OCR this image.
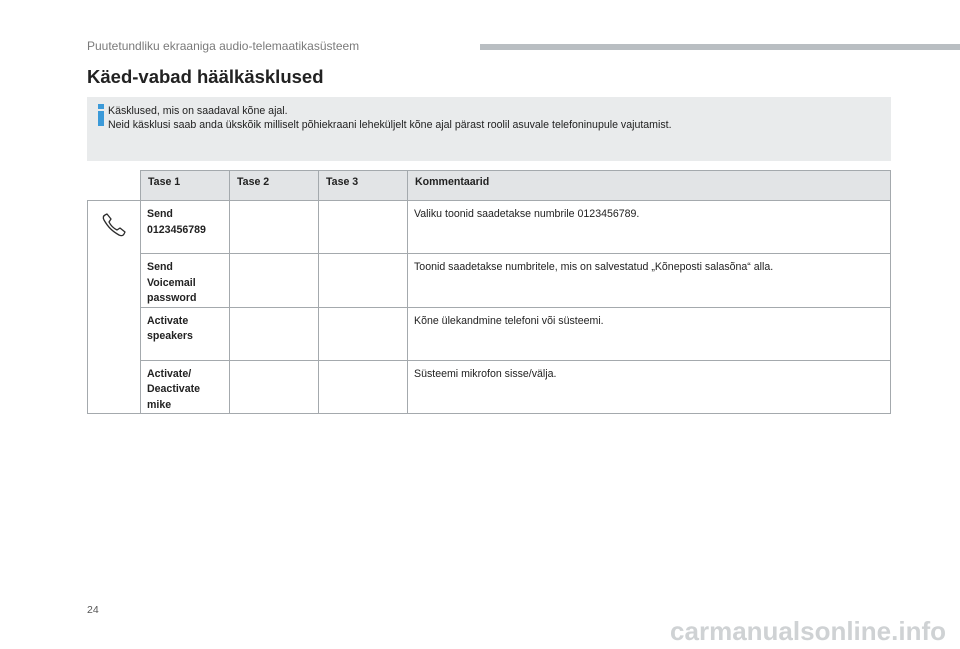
Puutetundliku ekraaniga audio-telemaatikasüsteem
Käed-vabad häälkäsklused

Käsklused, mis on saadaval kõne ajal.

Neid käsklusi saab anda ükskõik milliselt põhiekraani leheküljelt kõne ajal pärast roolil asuvale telefoninupule vajutamist.

	Tase 1	Tase 2	Tase 3	Kommentaarid

	Send
0123456789			Valiku toonid saadetakse numbrile 0123456789.
	Send
Voicemail
password			Toonid saadetakse numbritele, mis on salvestatud „Kõneposti salasõna“ alla.
	Activate
speakers			Kõne ülekandmine telefoni või süsteemi.
	Activate/
Deactivate
mike			Süsteemi mikrofon sisse/välja.
24
carmanualsonline.info
